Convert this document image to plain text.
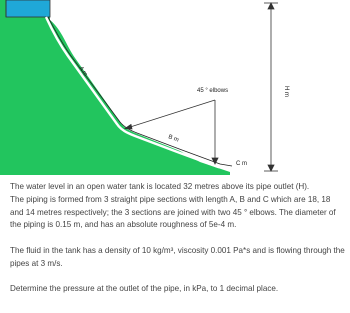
A m
B m
C m
45 ° elbows	H m

The water level in an open water tank is located 32 metres above its pipe outlet (H).

The piping is formed from 3 straight pipe sections with length A, B and C which are 18, 18 and 14 metres respectively; the 3 sections are joined with two 45 ° elbows. The diameter of the piping is 0.15 m, and has an absolute roughness of 5e-4 m.

The fluid in the tank has a density of 10 kg/m³, viscosity 0.001 Pa*s and is flowing through the pipes at 3 m/s.

Determine the pressure at the outlet of the pipe, in kPa, to 1 decimal place.
